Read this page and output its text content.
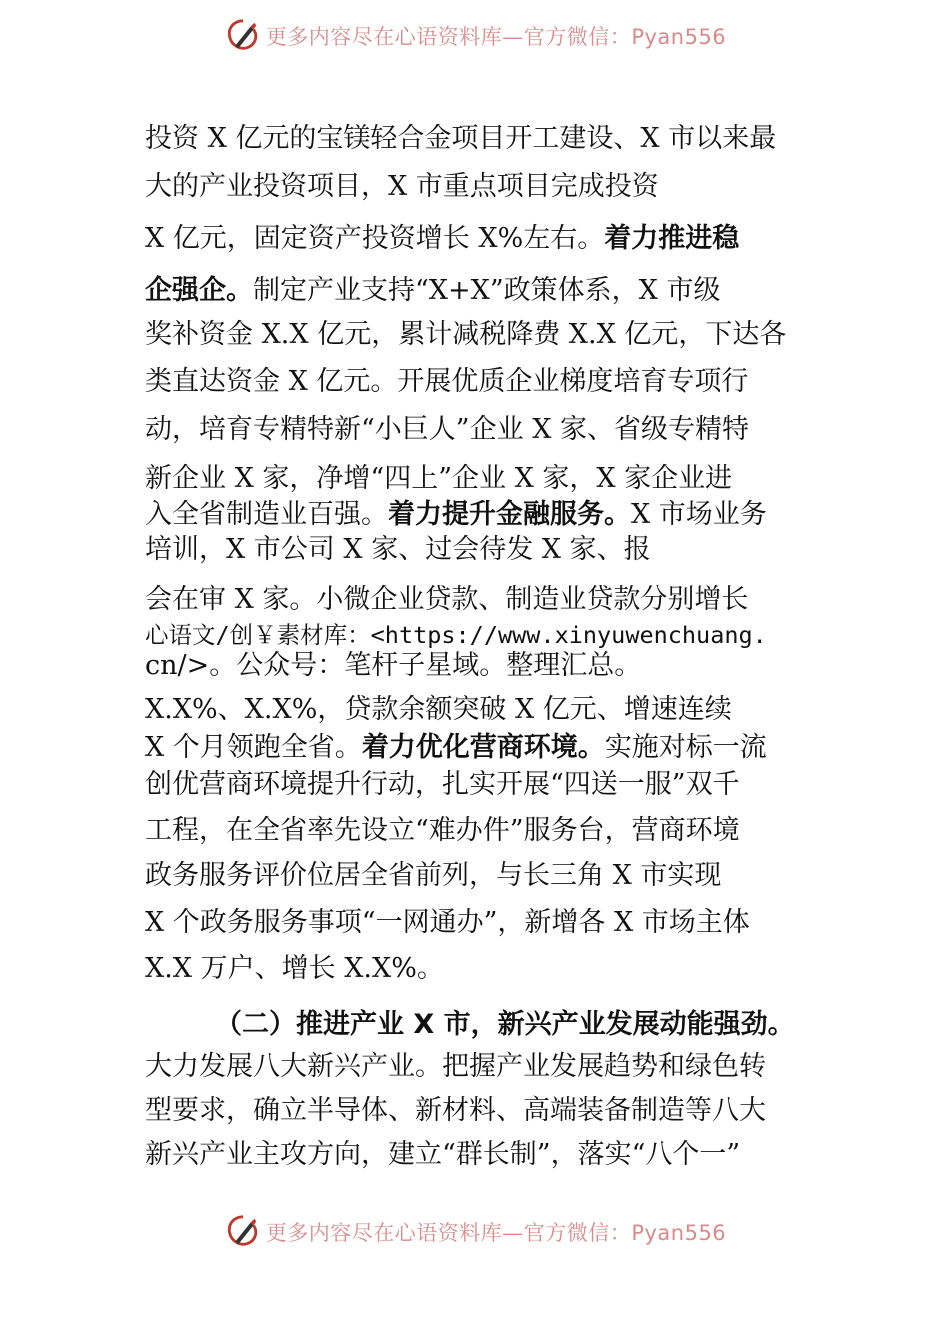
更多内容尽在心语资料库—官方微信：Pyan556
投资 X 亿元的宝镁轻合金项目开工建设、X 市以来最
大的产业投资项目，X 市重点项目完成投资
X 亿元，固定资产投资增长 X%左右。着力推进稳
企强企。制定产业支持“X+X”政策体系，X 市级
奖补资金 X.X 亿元，累计减税降费 X.X 亿元，下达各
类直达资金 X 亿元。开展优质企业梯度培育专项行
动，培育专精特新“小巨人”企业 X 家、省级专精特
新企业 X 家，净增“四上”企业 X 家，X 家企业进
入全省制造业百强。着力提升金融服务。X 市场业务
培训，X 市公司 X 家、过会待发 X 家、报
会在审 X 家。小微企业贷款、制造业贷款分别增长
心语文/创￥素材库：<https://www.xinyuwenchuang.
cn/>。公众号：笔杆子星域。整理汇总。
X.X%、X.X%，贷款余额突破 X 亿元、增速连续
X 个月领跑全省。着力优化营商环境。实施对标一流
创优营商环境提升行动，扎实开展“四送一服”双千
工程，在全省率先设立“难办件”服务台，营商环境
政务服务评价位居全省前列，与长三角 X 市实现
X 个政务服务事项“一网通办”，新增各 X 市场主体
X.X 万户、增长 X.X%。
（二）推进产业 X 市，新兴产业发展动能强劲。
大力发展八大新兴产业。把握产业发展趋势和绿色转
型要求，确立半导体、新材料、高端装备制造等八大
新兴产业主攻方向，建立“群长制”，落实“八个一”
更多内容尽在心语资料库—官方微信：Pyan556
